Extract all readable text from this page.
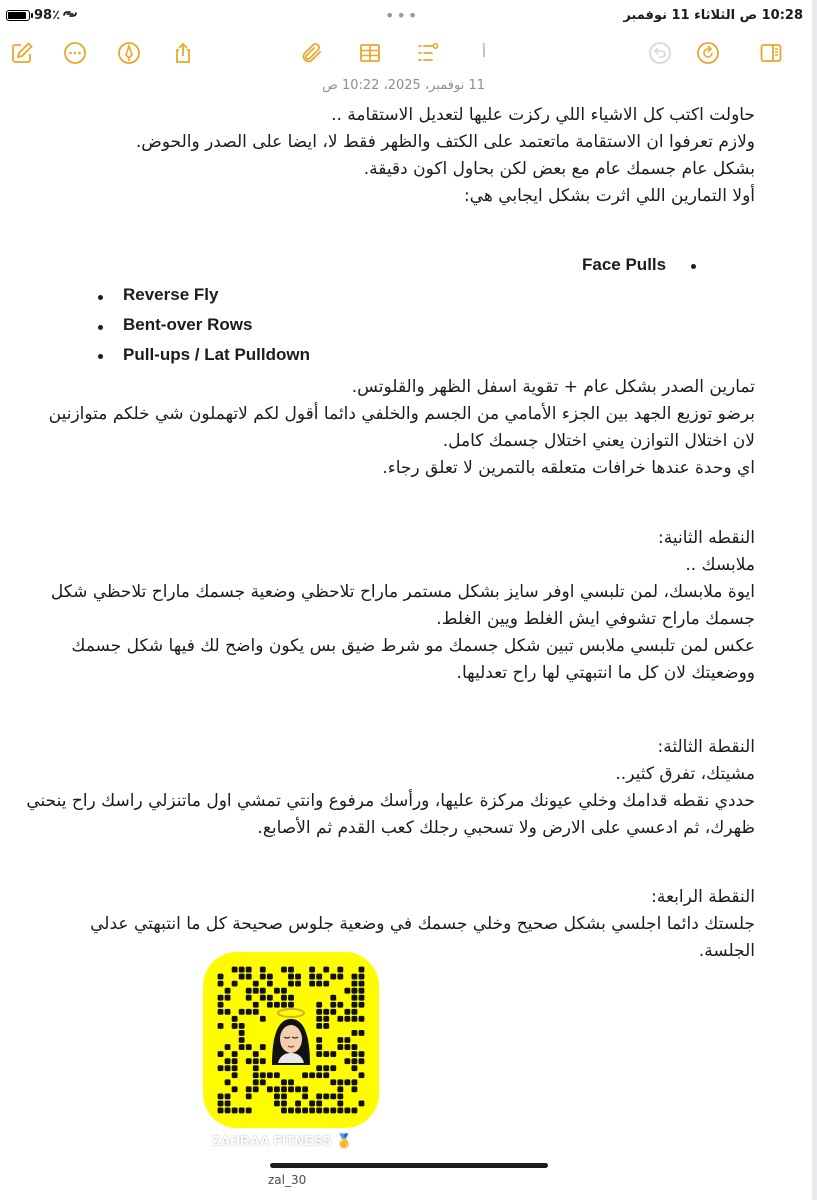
98٪	•••	10:28 ص الثلاثاء 11 نوفمبر
أ
11 نوفمبر، 2025، 10:22 ص
حاولت اكتب كل الاشياء اللي ركزت عليها لتعديل الاستقامة ..
ولازم تعرفوا ان الاستقامة ماتعتمد على الكتف والظهر فقط لا، ايضا على الصدر والحوض.
بشكل عام جسمك عام مع بعض لكن بحاول اكون دقيقة.
أولا التمارين اللي اثرت بشكل ايجابي هي:
Face Pulls
Reverse Fly
Bent-over Rows
Pull-ups / Lat Pulldown
تمارين الصدر بشكل عام + تقوية اسفل الظهر والقلوتس.
برضو توزيع الجهد بين الجزء الأمامي من الجسم والخلفي دائما أقول لكم لاتهملون شي خلكم متوازنين
لان اختلال التوازن يعني اختلال جسمك كامل.
اي وحدة عندها خرافات متعلقه بالتمرين لا تعلق رجاء.
النقطه الثانية:
ملابسك ..
ايوة ملابسك، لمن تلبسي اوفر سايز بشكل مستمر ماراح تلاحظي وضعية جسمك ماراح تلاحظي شكل
جسمك ماراح تشوفي ايش الغلط ويين الغلط.
عكس لمن تلبسي ملابس تبين شكل جسمك مو شرط ضيق بس يكون واضح لك فيها شكل جسمك
ووضعيتك لان كل ما انتبهتي لها راح تعدليها.
النقطة الثالثة:
مشيتك، تفرق كثير..
حددي نقطه قدامك وخلي عيونك مركزة عليها، ورأسك مرفوع وانتي تمشي اول ماتنزلي راسك راح ينحني
ظهرك، ثم ادعسي على الارض ولا تسحبي رجلك كعب القدم ثم الأصابع.
النقطة الرابعة:
جلستك دائما اجلسي بشكل صحيح وخلي جسمك في وضعية جلوس صحيحة كل ما انتبهتي عدلي
الجلسة.
ZAHRAA FITNESS 🥇
zal_30
